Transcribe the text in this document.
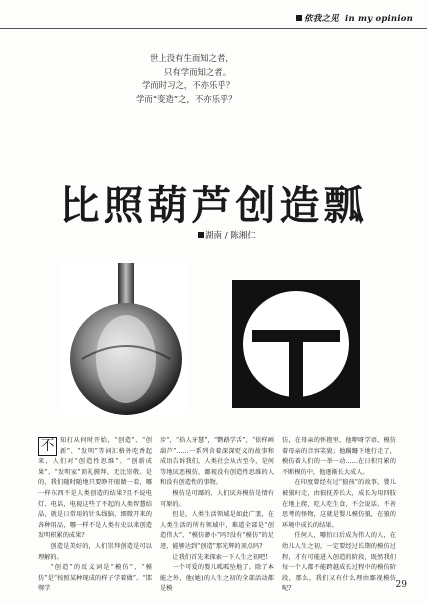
依我之见 in my opinion
世上没有生而知之者，
只有学而知之者。
学而时习之，不亦乐乎？
学而“变造”之，不亦乐乎？
比照葫芦创造瓢
湖南 / 陈湘仁

不 知打从何时开始，“创造”、“创新”、“发明”等词汇格外吃香起来，人们对“创造性思维”、“创新成果”、“发明家”顶礼膜拜，无比崇敬。是的，我们随时随地只要睁开眼睛一看，哪一样东西不是人类创造的结果?且不说电灯、电话，电视这些了不起的人类智慧结晶，就是日常用的针头线脑，细微开来的各种用品，哪一样不是人类有史以来创造发明积累的成果?

创造是美好的，人们崇拜创造是可以理解的。

“创造”的反义词是“模仿”，“模仿”是“按照某种现成的样子学着做”。“邯郸学

步”，“拾人牙慧”，“鹦鹉学舌”，“依样画葫芦”……一系列含着深深贬义的故事和成语告诉我们，人类社会从古至今，是何等地厌恶模仿，鄙视没有创造性思维的人和没有创造性的事物。

模仿是可鄙的，人们厌弃模仿是情有可原的。

但是，人类生活领域是如此广袤，在人类生活的所有领域中，难道全部是“创造伟大”，“模仿渺小”吗?没有“模仿”的足迹，能够达到“创造”那光辉的顶点吗?

让我们首先来探索一下人生之初吧!

一个可爱的婴儿呱呱坠地了。除了本能之外，他(她)的人生之初的全部活动都是模

仿，在母亲的怀抱里，他咿呀学语，模仿着母亲的音容笑貌；他蹒跚下地行走了，模仿着人们的一举一动……在日积月累的不断模仿中，他逐渐长大成人。

在印度曾经有过“狼孩”的故事，婴儿被狼叼走，由狼抚养长大，成长为用四肢在地上爬，吃人吃生食，不会说话，不善思考的怪物，这就是婴儿模仿狼，在狼的环境中成长的结果。

任何人，哪怕日后成为伟人的人，在幼儿人生之初，一定要经过长期的模仿过程，才有可能进入创造的阶段，既然我们每一个人都不能跨越成长过程中的模仿阶段，那么，我们又有什么理由鄙视模仿呢?	29
